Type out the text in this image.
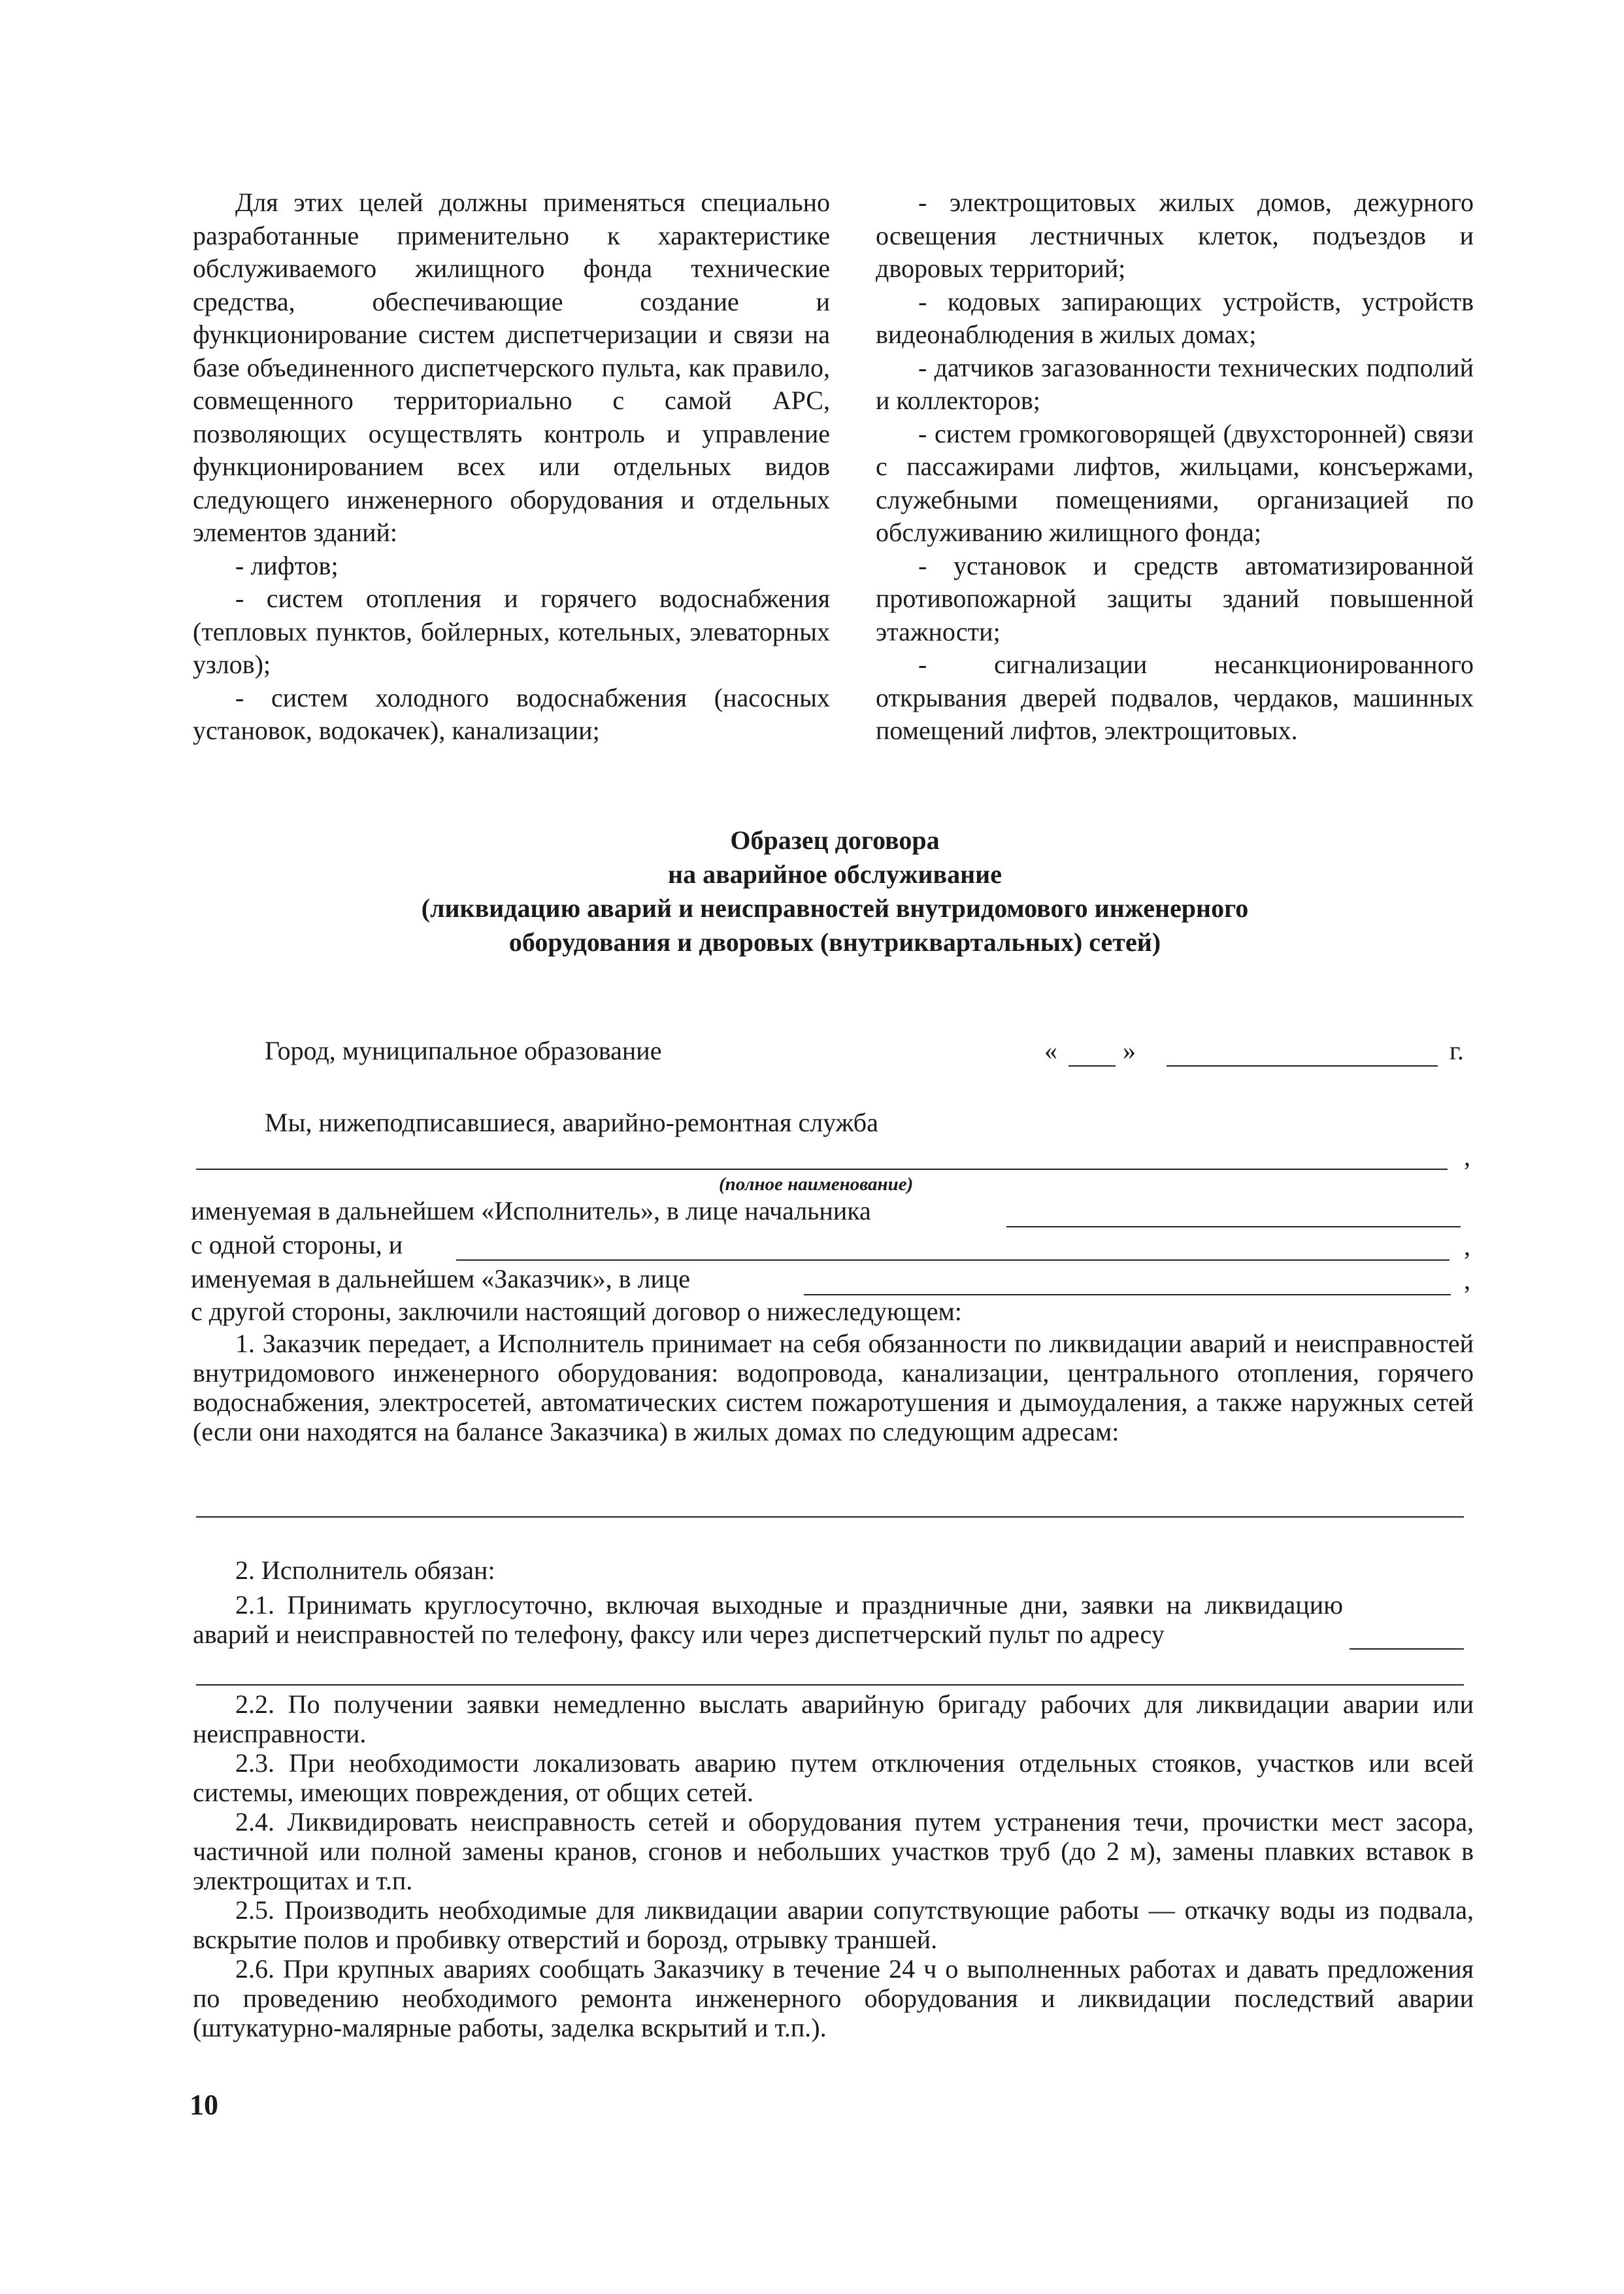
Для этих целей должны применяться специально разработанные применительно к характеристике обслуживаемого жилищного фонда технические средства, обеспечивающие создание и функционирование систем диспетчеризации и связи на базе объединенного диспетчерского пульта, как правило, совмещенного территориально с самой АРС, позволяющих осуществлять контроль и управление функционированием всех или отдельных видов следующего инженерного оборудования и отдельных элементов зданий:

- лифтов;

- систем отопления и горячего водоснабжения (тепловых пунктов, бойлерных, котельных, элеваторных узлов);

- систем холодного водоснабжения (насосных установок, водокачек), канализации;

- электрощитовых жилых домов, дежурного освещения лестничных клеток, подъездов и дворовых территорий;

- кодовых запирающих устройств, устройств видеонаблюдения в жилых домах;

- датчиков загазованности технических подполий и коллекторов;

- систем громкоговорящей (двухсторонней) связи с пассажирами лифтов, жильцами, консъержами, служебными помещениями, организацией по обслуживанию жилищного фонда;

- установок и средств автоматизированной противопожарной защиты зданий повышенной этажности;

- сигнализации несанкционированного открывания дверей подвалов, чердаков, машинных помещений лифтов, электрощитовых.

Образец договора
на аварийное обслуживание
(ликвидацию аварий и неисправностей внутридомового инженерного
оборудования и дворовых (внутриквартальных) сетей)
Город, муниципальное образование	«	»	г.
Мы, нижеподписавшиеся, аварийно-ремонтная служба
,
(полное наименование)
именуемая в дальнейшем «Исполнитель», в лице начальника
с одной стороны, и	,
именуемая в дальнейшем «Заказчик», в лице	,
с другой стороны, заключили настоящий договор о нижеследующем:

1. Заказчик передает, а Исполнитель принимает на себя обязанности по ликвидации аварий и неисправностей внутридомового инженерного оборудования: водопровода, канализации, центрального отопления, горячего водоснабжения, электросетей, автоматических систем пожаротушения и дымоудаления, а также наружных сетей (если они находятся на балансе Заказчика) в жилых домах по следующим адресам:

2. Исполнитель обязан:

2.1. Принимать круглосуточно, включая выходные и праздничные дни, заявки на ликвидацию аварий и неисправностей по телефону, факсу или через диспетчерский пульт по адресу

2.2. По получении заявки немедленно выслать аварийную бригаду рабочих для ликвидации аварии или неисправности.

2.3. При необходимости локализовать аварию путем отключения отдельных стояков, участков или всей системы, имеющих повреждения, от общих сетей.

2.4. Ликвидировать неисправность сетей и оборудования путем устранения течи, прочистки мест засора, частичной или полной замены кранов, сгонов и небольших участков труб (до 2 м), замены плавких вставок в электрощитах и т.п.

2.5. Производить необходимые для ликвидации аварии сопутствующие работы — откачку воды из подвала, вскрытие полов и пробивку отверстий и борозд, отрывку траншей.

2.6. При крупных авариях сообщать Заказчику в течение 24 ч о выполненных работах и давать предложения по проведению необходимого ремонта инженерного оборудования и ликвидации последствий аварии (штукатурно-малярные работы, заделка вскрытий и т.п.).

10
